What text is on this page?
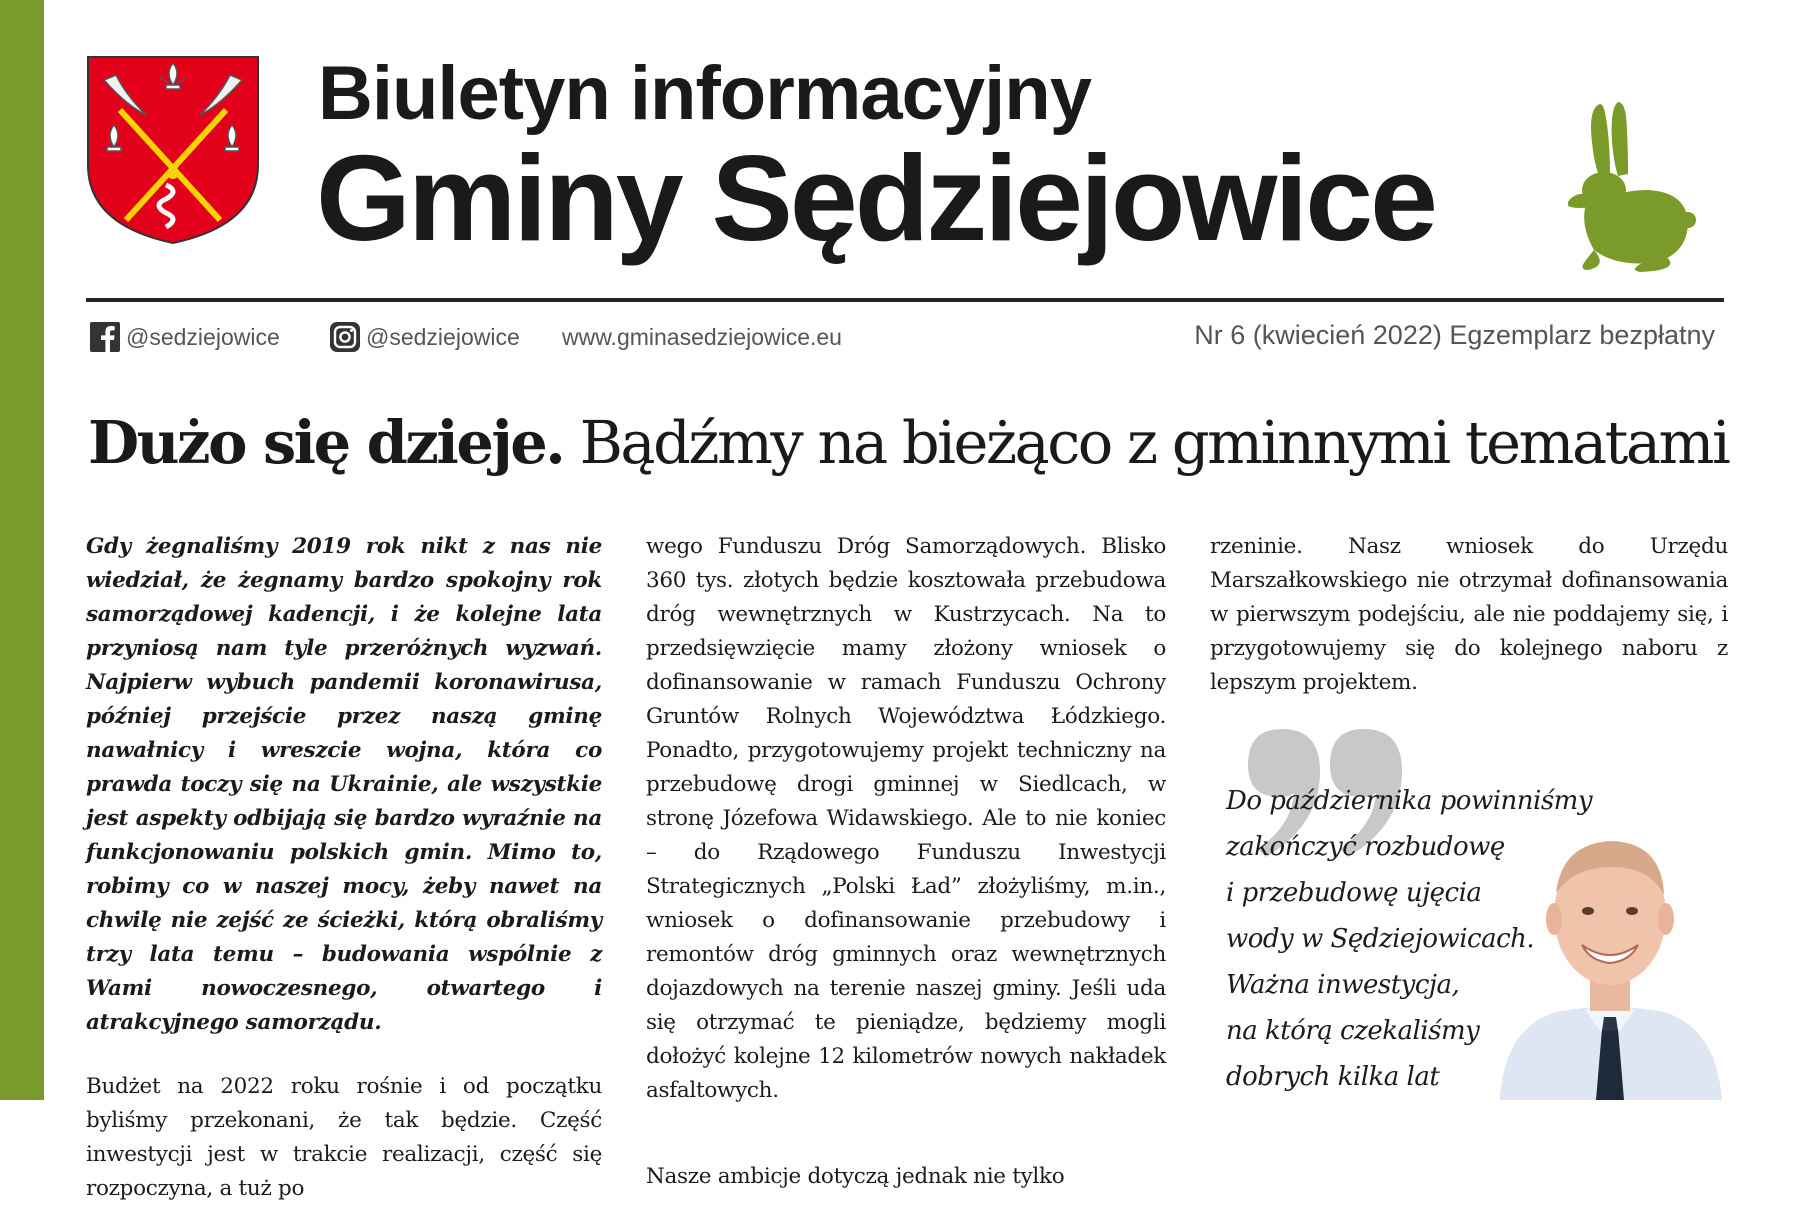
Biuletyn informacyjny
Gminy Sędziejowice
@sedziejowice	@sedziejowice www.gminasedziejowice.eu	Nr 6 (kwiecień 2022) Egzemplarz bezpłatny
Dużo się dzieje. Bądźmy na bieżąco z gminnymi tematami

Gdy żegnaliśmy 2019 rok nikt z nas nie wiedział, że żegnamy bardzo spokojny rok samorządowej kadencji, i że kolejne lata przyniosą nam tyle przeróżnych wyzwań. Najpierw wybuch pandemii koronawirusa, później przejście przez naszą gminę nawałnicy i wreszcie wojna, która co prawda toczy się na Ukrainie, ale wszystkie jest aspekty odbijają się bardzo wyraźnie na funkcjonowaniu polskich gmin. Mimo to, robimy co w naszej mocy, żeby nawet na chwilę nie zejść ze ścieżki, którą obraliśmy trzy lata temu – budowania wspólnie z Wami nowoczesnego, otwartego i atrakcyjnego samorządu.

Budżet na 2022 roku rośnie i od początku byliśmy przekonani, że tak będzie. Część inwestycji jest w trakcie realizacji, część się rozpoczyna, a tuż po

wego Funduszu Dróg Samorządowych. Blisko 360 tys. złotych będzie kosztowała przebudowa dróg wewnętrznych w Kustrzycach. Na to przedsięwzięcie mamy złożony wniosek o dofinansowanie w ramach Funduszu Ochrony Gruntów Rolnych Województwa Łódzkiego. Ponadto, przygotowujemy projekt techniczny na przebudowę drogi gminnej w Siedlcach, w stronę Józefowa Widawskiego. Ale to nie koniec – do Rządowego Funduszu Inwestycji Strategicznych „Polski Ład” złożyliśmy, m.in., wniosek o dofinansowanie przebudowy i remontów dróg gminnych oraz wewnętrznych dojazdowych na terenie naszej gminy. Jeśli uda się otrzymać te pieniądze, będziemy mogli dołożyć kolejne 12 kilometrów nowych nakładek asfaltowych.

Nasze ambicje dotyczą jednak nie tylko

rzeninie. Nasz wniosek do Urzędu Marszałkowskiego nie otrzymał dofinansowania w pierwszym podejściu, ale nie poddajemy się, i przygotowujemy się do kolejnego naboru z lepszym projektem.

Do października powinniśmy
zakończyć rozbudowę
i przebudowę ujęcia
wody w Sędziejowicach.
Ważna inwestycja,
na którą czekaliśmy
dobrych kilka lat
